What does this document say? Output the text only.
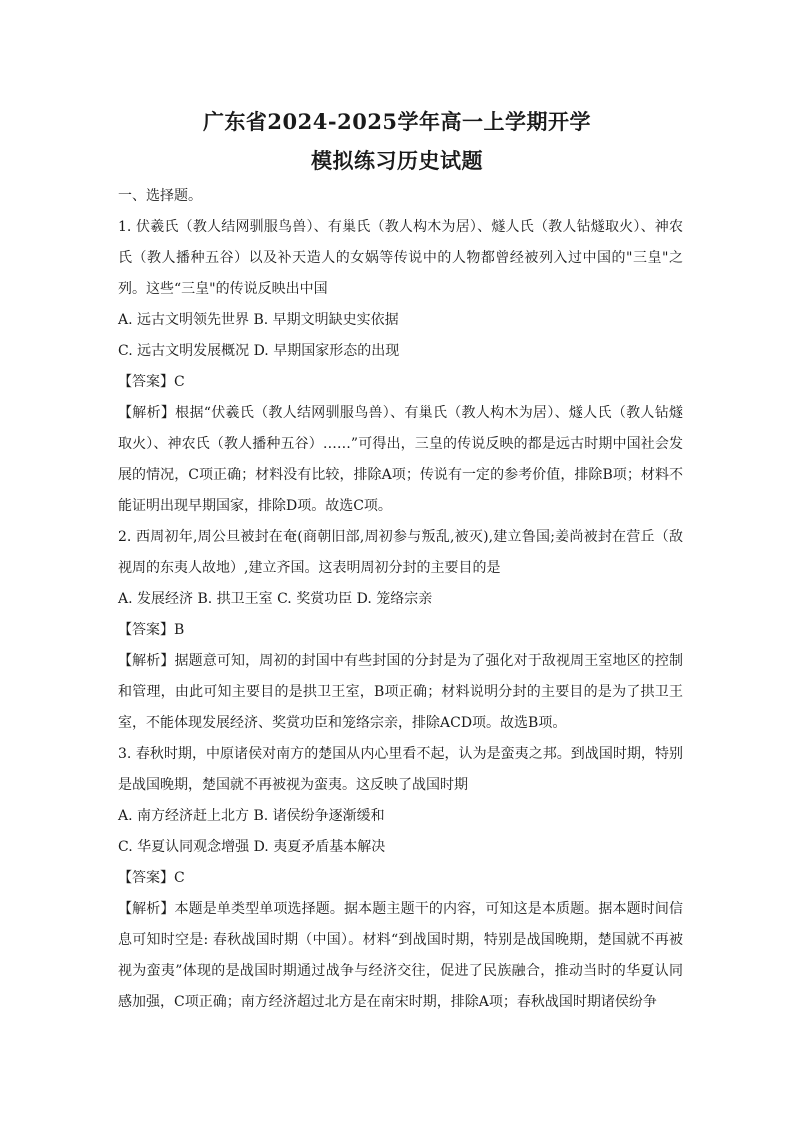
广东省2024-2025学年高一上学期开学
模拟练习历史试题

一、选择题。

1. 伏羲氏（教人结网驯服鸟兽）、有巢氏（教人构木为居）、燧人氏（教人钻燧取火）、神农氏（教人播种五谷）以及补天造人的女娲等传说中的人物都曾经被列入过中国的"三皇"之列。这些“三皇"的传说反映出中国

A. 远古文明领先世界 B. 早期文明缺史实依据

C. 远古文明发展概况 D. 早期国家形态的出现

【答案】C

【解析】根据“伏羲氏（教人结网驯服鸟兽）、有巢氏（教人构木为居）、燧人氏（教人钻燧取火）、神农氏（教人播种五谷）……”可得出，三皇的传说反映的都是远古时期中国社会发展的情况，C项正确；材料没有比较，排除A项；传说有一定的参考价值，排除B项；材料不能证明出现早期国家，排除D项。故选C项。

2. 西周初年,周公旦被封在奄(商朝旧部,周初参与叛乱,被灭),建立鲁国;姜尚被封在营丘（敌视周的东夷人故地）,建立齐国。这表明周初分封的主要目的是

A. 发展经济 B. 拱卫王室 C. 奖赏功臣 D. 笼络宗亲

【答案】B

【解析】据题意可知，周初的封国中有些封国的分封是为了强化对于敌视周王室地区的控制和管理，由此可知主要目的是拱卫王室，B项正确；材料说明分封的主要目的是为了拱卫王室，不能体现发展经济、奖赏功臣和笼络宗亲，排除ACD项。故选B项。

3. 春秋时期，中原诸侯对南方的楚国从内心里看不起，认为是蛮夷之邦。到战国时期，特别是战国晚期，楚国就不再被视为蛮夷。这反映了战国时期

A. 南方经济赶上北方 B. 诸侯纷争逐渐缓和

C. 华夏认同观念增强 D. 夷夏矛盾基本解决

【答案】C

【解析】本题是单类型单项选择题。据本题主题干的内容，可知这是本质题。据本题时间信息可知时空是: 春秋战国时期（中国）。材料“到战国时期，特别是战国晚期，楚国就不再被视为蛮夷”体现的是战国时期通过战争与经济交往，促进了民族融合，推动当时的华夏认同感加强，C项正确；南方经济超过北方是在南宋时期，排除A项；春秋战国时期诸侯纷争
